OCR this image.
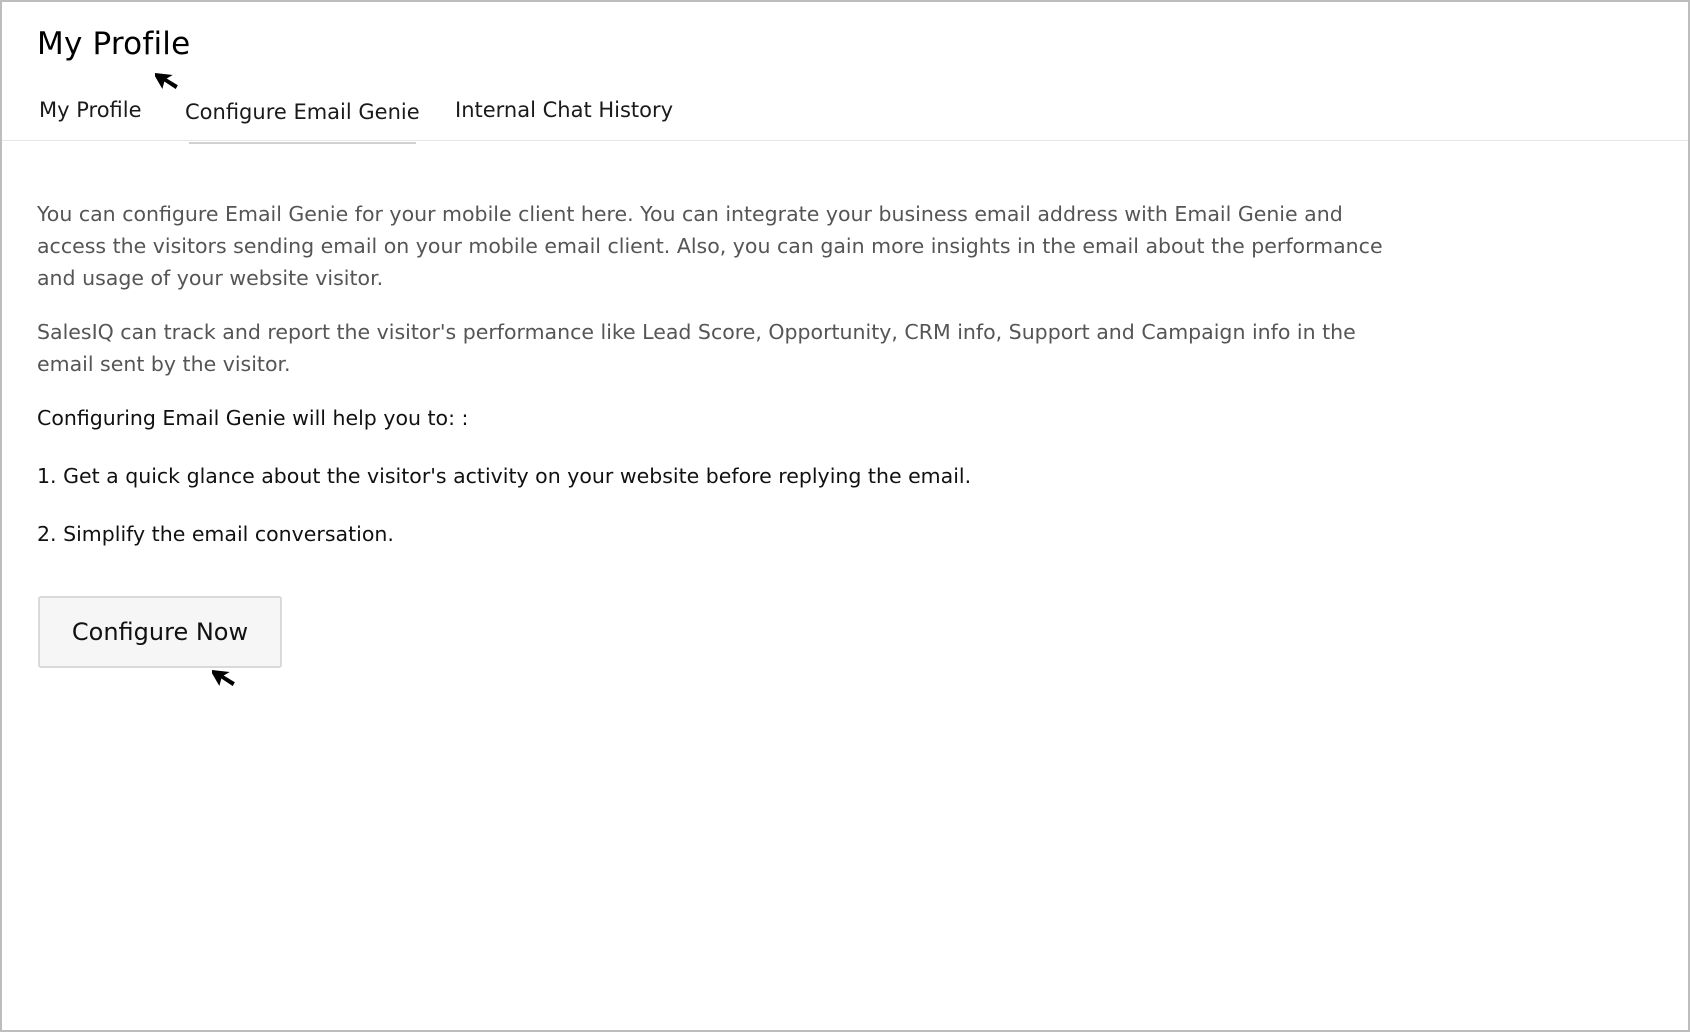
My Profile
My Profile Configure Email Genie Internal Chat History

You can configure Email Genie for your mobile client here. You can integrate your business email address with Email Genie and access the visitors sending email on your mobile email client. Also, you can gain more insights in the email about the performance and usage of your website visitor.

SalesIQ can track and report the visitor's performance like Lead Score, Opportunity, CRM info, Support and Campaign info in the email sent by the visitor.

Configuring Email Genie will help you to: :

1. Get a quick glance about the visitor's activity on your website before replying the email.

2. Simplify the email conversation.

Configure Now
